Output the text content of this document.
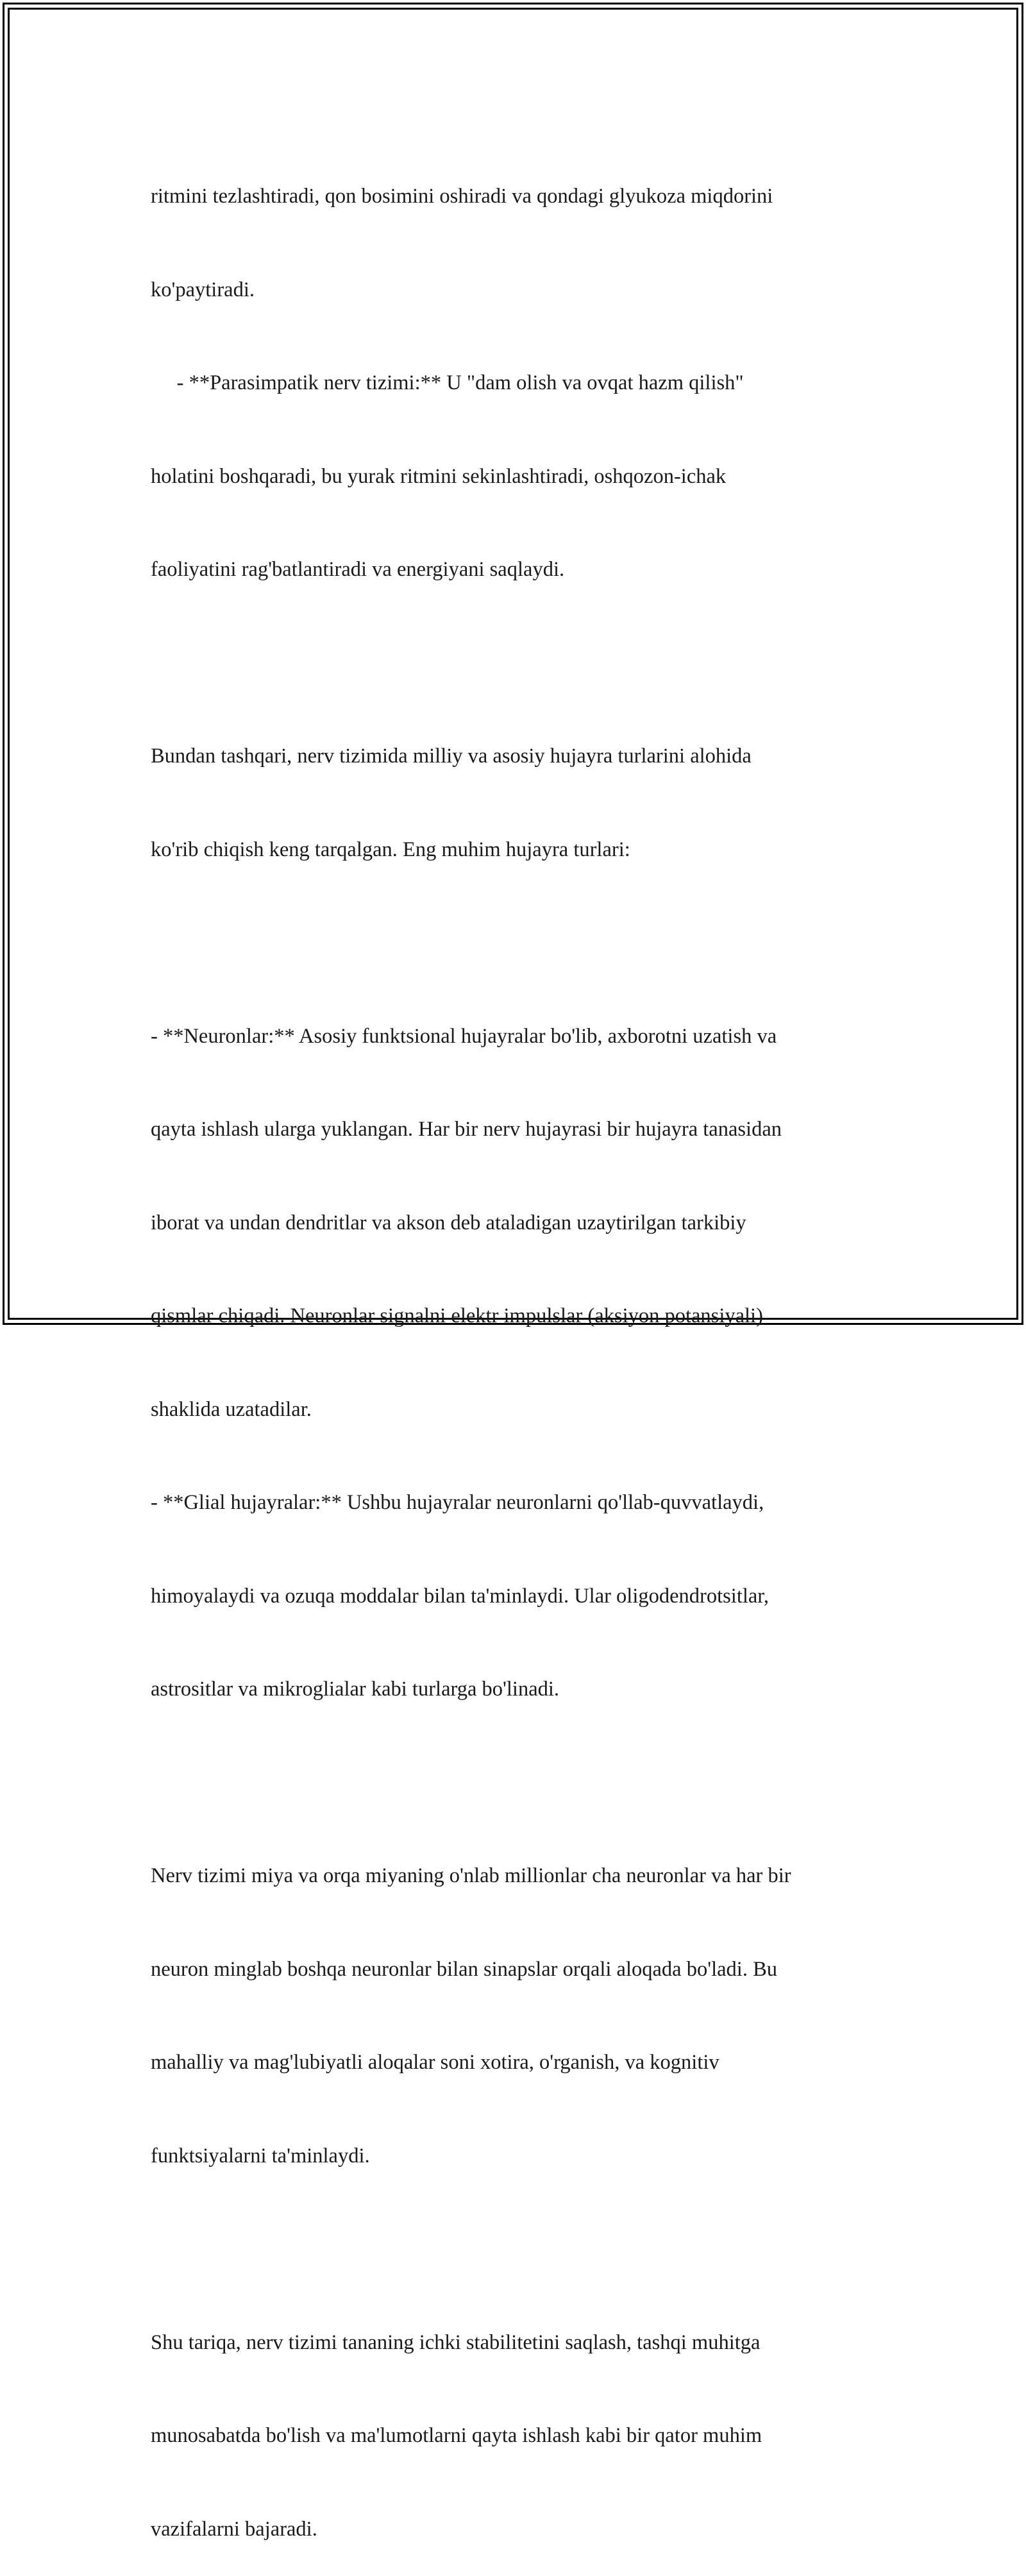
ritmini tezlashtiradi, qon bosimini oshiradi va qondagi glyukoza miqdorini

ko'paytiradi.

- **Parasimpatik nerv tizimi:** U "dam olish va ovqat hazm qilish"

holatini boshqaradi, bu yurak ritmini sekinlashtiradi, oshqozon-ichak

faoliyatini rag'batlantiradi va energiyani saqlaydi.

Bundan tashqari, nerv tizimida milliy va asosiy hujayra turlarini alohida

ko'rib chiqish keng tarqalgan. Eng muhim hujayra turlari:

- **Neuronlar:** Asosiy funktsional hujayralar bo'lib, axborotni uzatish va

qayta ishlash ularga yuklangan. Har bir nerv hujayrasi bir hujayra tanasidan

iborat va undan dendritlar va akson deb ataladigan uzaytirilgan tarkibiy

qismlar chiqadi. Neuronlar signalni elektr impulslar (aksiyon potansiyali)

shaklida uzatadilar.

- **Glial hujayralar:** Ushbu hujayralar neuronlarni qo'llab-quvvatlaydi,

himoyalaydi va ozuqa moddalar bilan ta'minlaydi. Ular oligodendrotsitlar,

astrositlar va mikroglialar kabi turlarga bo'linadi.

Nerv tizimi miya va orqa miyaning o'nlab millionlar cha neuronlar va har bir

neuron minglab boshqa neuronlar bilan sinapslar orqali aloqada bo'ladi. Bu

mahalliy va mag'lubiyatli aloqalar soni xotira, o'rganish, va kognitiv

funktsiyalarni ta'minlaydi.

Shu tariqa, nerv tizimi tananing ichki stabilitetini saqlash, tashqi muhitga

munosabatda bo'lish va ma'lumotlarni qayta ishlash kabi bir qator muhim

vazifalarni bajaradi.
